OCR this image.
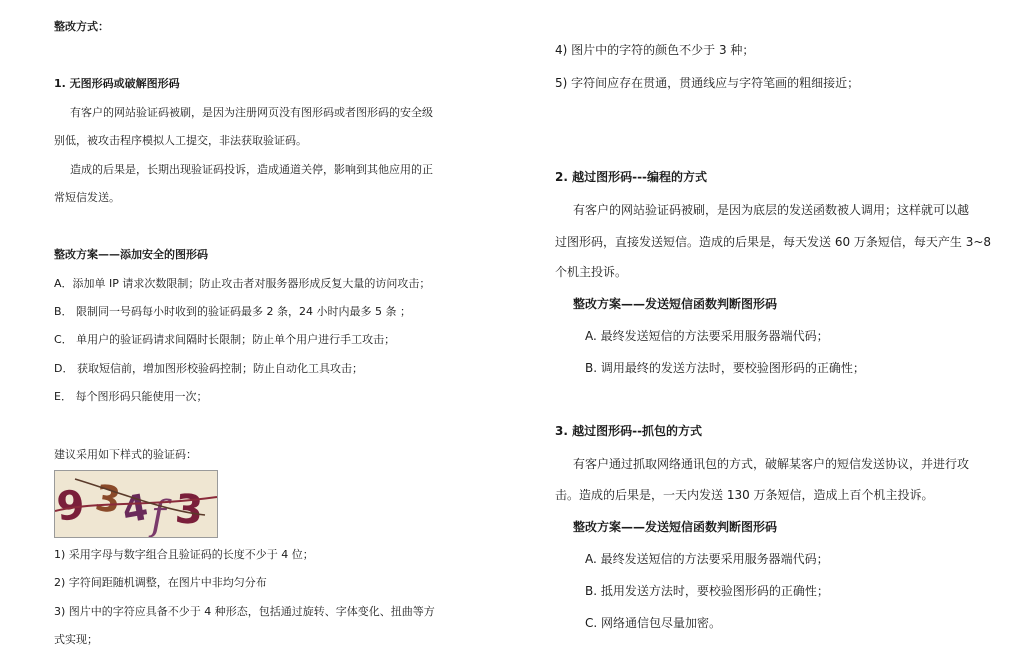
整改方式：
1. 无图形码或破解图形码
有客户的网站验证码被刷，是因为注册网页没有图形码或者图形码的安全级
别低，被攻击程序模拟人工提交，非法获取验证码。
造成的后果是，长期出现验证码投诉，造成通道关停，影响到其他应用的正
常短信发送。
整改方案——添加安全的图形码
A．添加单 IP 请求次数限制；防止攻击者对服务器形成反复大量的访问攻击；
B． 限制同一号码每小时收到的验证码最多 2 条，24 小时内最多 5 条 ；
C． 单用户的验证码请求间隔时长限制；防止单个用户进行手工攻击；
D． 获取短信前，增加图形校验码控制；防止自动化工具攻击；
E． 每个图形码只能使用一次；
建议采用如下样式的验证码：
9 3
4 f 3
1) 采用字母与数字组合且验证码的长度不少于 4 位；
2) 字符间距随机调整，在图片中非均匀分布
3) 图片中的字符应具备不少于 4 种形态，包括通过旋转、字体变化、扭曲等方
式实现；
4) 图片中的字符的颜色不少于 3 种；
5) 字符间应存在贯通，贯通线应与字符笔画的粗细接近；
2. 越过图形码---编程的方式
有客户的网站验证码被刷，是因为底层的发送函数被人调用；这样就可以越
过图形码，直接发送短信。造成的后果是，每天发送 60 万条短信，每天产生 3~8
个机主投诉。
整改方案——发送短信函数判断图形码
A. 最终发送短信的方法要采用服务器端代码；
B. 调用最终的发送方法时，要校验图形码的正确性；
3. 越过图形码--抓包的方式
有客户通过抓取网络通讯包的方式，破解某客户的短信发送协议，并进行攻
击。造成的后果是，一天内发送 130 万条短信，造成上百个机主投诉。
整改方案——发送短信函数判断图形码
A. 最终发送短信的方法要采用服务器端代码；
B. 抵用发送方法时，要校验图形码的正确性；
C. 网络通信包尽量加密。
